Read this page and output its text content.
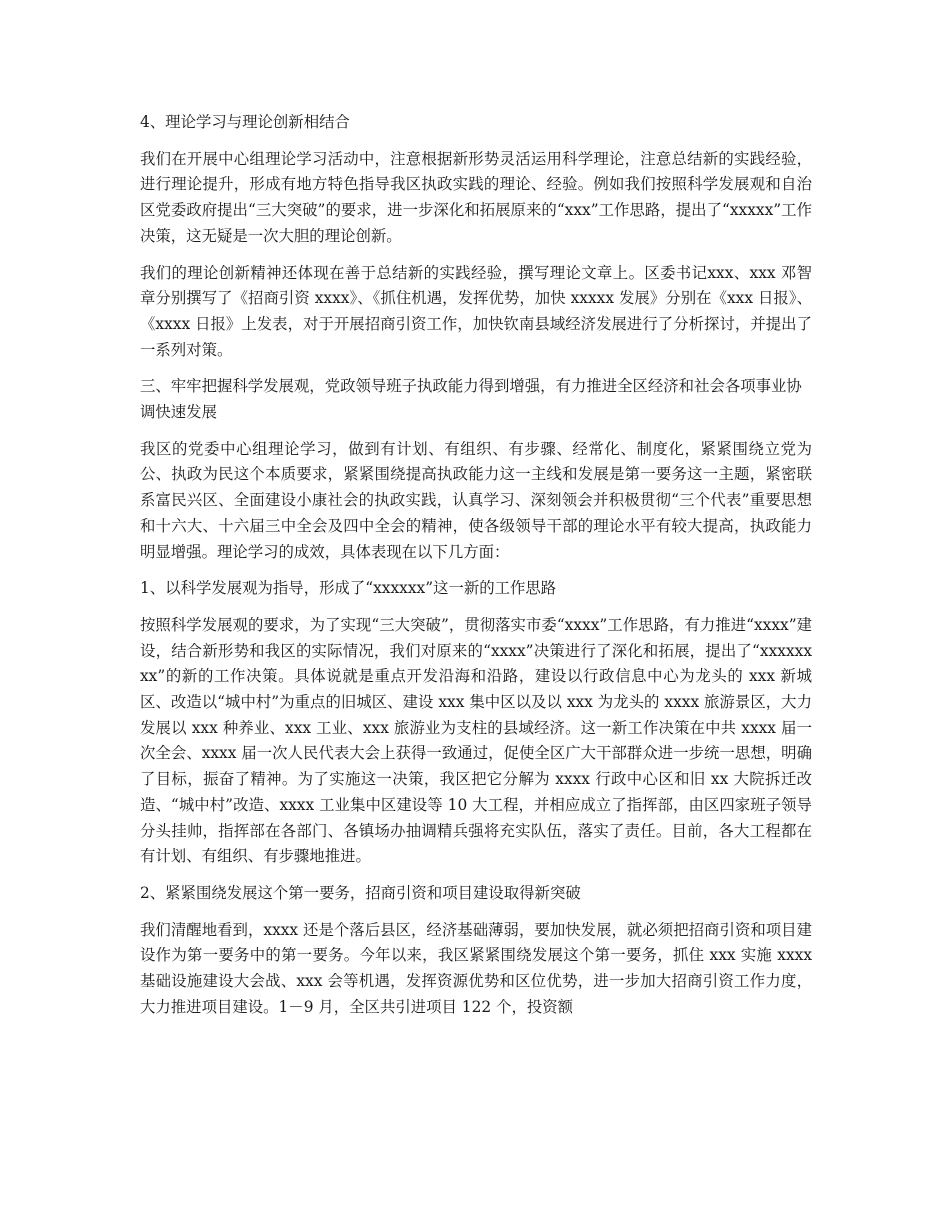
4、理论学习与理论创新相结合
我们在开展中心组理论学习活动中，注意根据新形势灵活运用科学理论，注意总结新的实践经验，进行理论提升，形成有地方特色指导我区执政实践的理论、经验。例如我们按照科学发展观和自治区党委政府提出“三大突破”的要求，进一步深化和拓展原来的“xxx”工作思路，提出了“xxxxx”工作决策，这无疑是一次大胆的理论创新。
我们的理论创新精神还体现在善于总结新的实践经验，撰写理论文章上。区委书记xxx、xxx 邓智章分别撰写了《招商引资 xxxx》、《抓住机遇，发挥优势，加快 xxxxx 发展》分别在《xxx 日报》、《xxxx 日报》上发表，对于开展招商引资工作，加快钦南县域经济发展进行了分析探讨，并提出了一系列对策。
三、牢牢把握科学发展观，党政领导班子执政能力得到增强，有力推进全区经济和社会各项事业协调快速发展
我区的党委中心组理论学习，做到有计划、有组织、有步骤、经常化、制度化，紧紧围绕立党为公、执政为民这个本质要求，紧紧围绕提高执政能力这一主线和发展是第一要务这一主题，紧密联系富民兴区、全面建设小康社会的执政实践，认真学习、深刻领会并积极贯彻“三个代表”重要思想和十六大、十六届三中全会及四中全会的精神，使各级领导干部的理论水平有较大提高，执政能力明显增强。理论学习的成效，具体表现在以下几方面：
1、以科学发展观为指导，形成了“xxxxxx”这一新的工作思路
按照科学发展观的要求，为了实现“三大突破”，贯彻落实市委“xxxx”工作思路，有力推进“xxxx”建设，结合新形势和我区的实际情况，我们对原来的“xxxx”决策进行了深化和拓展，提出了“xxxxxxxx”的新的工作决策。具体说就是重点开发沿海和沿路，建设以行政信息中心为龙头的 xxx 新城区、改造以“城中村”为重点的旧城区、建设 xxx 集中区以及以 xxx 为龙头的 xxxx 旅游景区，大力发展以 xxx 种养业、xxx 工业、xxx 旅游业为支柱的县域经济。这一新工作决策在中共 xxxx 届一次全会、xxxx 届一次人民代表大会上获得一致通过，促使全区广大干部群众进一步统一思想，明确了目标，振奋了精神。为了实施这一决策，我区把它分解为 xxxx 行政中心区和旧 xx 大院拆迁改造、“城中村”改造、xxxx 工业集中区建设等 10 大工程，并相应成立了指挥部，由区四家班子领导分头挂帅，指挥部在各部门、各镇场办抽调精兵强将充实队伍，落实了责任。目前，各大工程都在有计划、有组织、有步骤地推进。
2、紧紧围绕发展这个第一要务，招商引资和项目建设取得新突破
我们清醒地看到，xxxx 还是个落后县区，经济基础薄弱，要加快发展，就必须把招商引资和项目建设作为第一要务中的第一要务。今年以来，我区紧紧围绕发展这个第一要务，抓住 xxx 实施 xxxx 基础设施建设大会战、xxx 会等机遇，发挥资源优势和区位优势，进一步加大招商引资工作力度，大力推进项目建设。1－9 月，全区共引进项目 122 个，投资额
